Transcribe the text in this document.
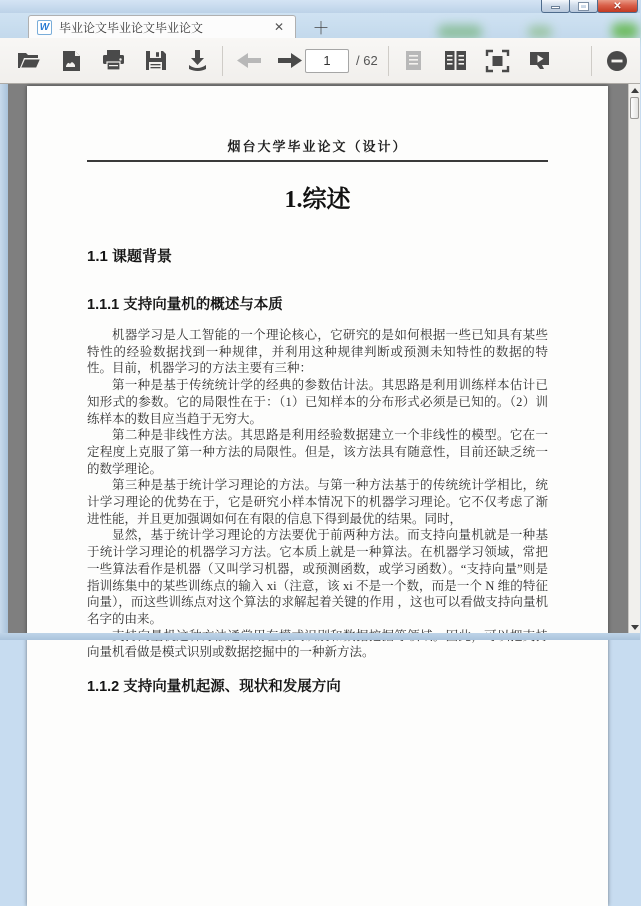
✕
W 毕业论文毕业论文毕业论文	✕ ＋
1
/ 62
烟台大学毕业论文（设计）
1.综述
1.1 课题背景
1.1.1 支持向量机的概述与本质

机器学习是人工智能的一个理论核心，它研究的是如何根据一些已知具有某些特性的经验数据找到一种规律，并利用这种规律判断或预测未知特性的数据的特性。目前，机器学习的方法主要有三种：

第一种是基于传统统计学的经典的参数估计法。其思路是利用训练样本估计已知形式的参数。它的局限性在于：（1）已知样本的分布形式必须是已知的。（2）训练样本的数目应当趋于无穷大。

第二种是非线性方法。其思路是利用经验数据建立一个非线性的模型。它在一定程度上克服了第一种方法的局限性。但是，该方法具有随意性，目前还缺乏统一的数学理论。

第三种是基于统计学习理论的方法。与第一种方法基于的传统统计学相比，统计学习理论的优势在于，它是研究小样本情况下的机器学习理论。它不仅考虑了渐进性能，并且更加强调如何在有限的信息下得到最优的结果。同时，

显然，基于统计学习理论的方法要优于前两种方法。而支持向量机就是一种基于统计学习理论的机器学习方法。它本质上就是一种算法。在机器学习领域，常把一些算法看作是机器（又叫学习机器，或预测函数，或学习函数）。“支持向量”则是指训练集中的某些训练点的输入 xi（注意，该 xi 不是一个数，而是一个 N 维的特征向量），而这些训练点对这个算法的求解起着关键的作用 ，这也可以看做支持向量机名字的由来。

向量机看做是模式识别或数据挖掘中的一种新方法。

1.1.2 支持向量机起源、现状和发展方向
